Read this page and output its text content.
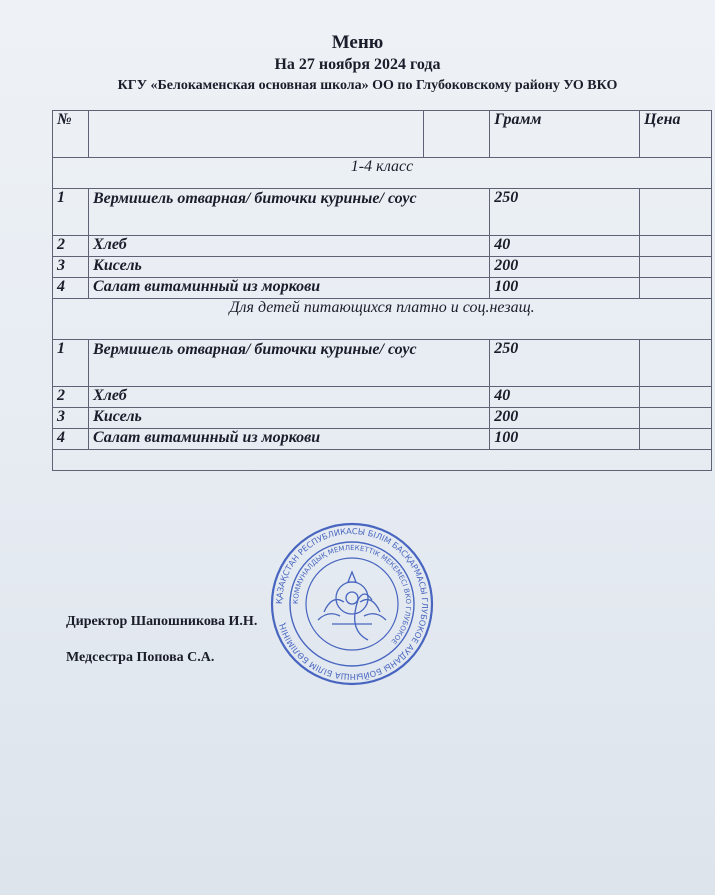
Меню
На 27 ноября 2024 года
КГУ «Белокаменская основная школа» ОО по Глубоковскому району УО ВКО
№			Грамм	Цена
1-4 класс				
1	Вермишель отварная/ биточки куриные/ соус		250	
2	Хлеб		40	
3	Кисель		200	
4	Салат витаминный из моркови		100	
Для детей питающихся платно и соц.незащ.				
1	Вермишель отварная/ биточки куриные/ соус		250	
2	Хлеб		40	
3	Кисель		200	
4	Салат витаминный из моркови		100	

Директор Шапошникова И.Н.
Медсестра Попова С.А.
ҚАЗАҚСТАН РЕСПУБЛИКАСЫ БІЛІМ БАСҚАРМАСЫ ГЛУБОКОЕ АУДАНЫ БОЙЫНША БІЛІМ БӨЛІМІНІҢ
КОММУНАЛДЫҚ МЕМЛЕКЕТТІК МЕКЕМЕСІ ВКО ГЛУБОКОЕ
